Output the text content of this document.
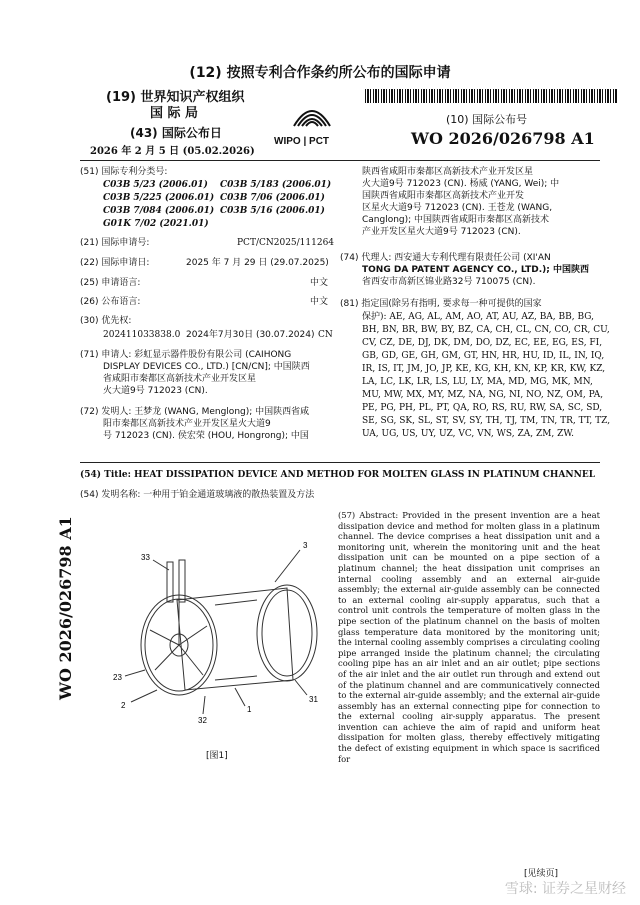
(12) 按照专利合作条约所公布的国际申请
(19) 世界知识产权组织
国 际 局
(43) 国际公布日
2026 年 2 月 5 日 (05.02.2026)
WIPO | PCT
(10) 国际公布号
WO 2026/026798 A1
(51) 国际专利分类号:
C03B 5/23 (2006.01) C03B 5/183 (2006.01)
C03B 5/225 (2006.01) C03B 7/06 (2006.01)
C03B 7/084 (2006.01) C03B 5/16 (2006.01)
G01K 7/02 (2021.01)
(21) 国际申请号:	PCT/CN2025/111264
(22) 国际申请日:	2025 年 7 月 29 日 (29.07.2025)
(25) 申请语言:	中文
(26) 公布语言:	中文
(30) 优先权:
202411033838.0 2024年7月30日 (30.07.2024) CN
(71) 申请人: 彩虹显示器件股份有限公司 (CAIHONG
DISPLAY DEVICES CO., LTD.) [CN/CN]; 中国陕西
省咸阳市秦都区高新技术产业开发区星
火大道9号 712023 (CN).
(72) 发明人: 王梦龙 (WANG, Menglong); 中国陕西省咸
阳市秦都区高新技术产业开发区星火大道9
号 712023 (CN). 侯宏荣 (HOU, Hongrong); 中国
陕西省咸阳市秦都区高新技术产业开发区星
火大道9号 712023 (CN). 杨威 (YANG, Wei); 中
国陕西省咸阳市秦都区高新技术产业开发
区星火大道9号 712023 (CN). 王苍龙 (WANG,
Canglong); 中国陕西省咸阳市秦都区高新技术
产业开发区星火大道9号 712023 (CN).
(74) 代理人: 西安通大专利代理有限责任公司 (XI'AN
TONG DA PATENT AGENCY CO., LTD.); 中国陕西
省西安市高新区锦业路32号 710075 (CN).
(81) 指定国(除另有指明, 要求每一种可提供的国家
保护): AE, AG, AL, AM, AO, AT, AU, AZ, BA, BB, BG,
BH, BN, BR, BW, BY, BZ, CA, CH, CL, CN, CO, CR, CU,
CV, CZ, DE, DJ, DK, DM, DO, DZ, EC, EE, EG, ES, FI,
GB, GD, GE, GH, GM, GT, HN, HR, HU, ID, IL, IN, IQ,
IR, IS, IT, JM, JO, JP, KE, KG, KH, KN, KP, KR, KW, KZ,
LA, LC, LK, LR, LS, LU, LY, MA, MD, MG, MK, MN,
MU, MW, MX, MY, MZ, NA, NG, NI, NO, NZ, OM, PA,
PE, PG, PH, PL, PT, QA, RO, RS, RU, RW, SA, SC, SD,
SE, SG, SK, SL, ST, SV, SY, TH, TJ, TM, TN, TR, TT, TZ,
UA, UG, US, UY, UZ, VC, VN, WS, ZA, ZM, ZW.
(54) Title: HEAT DISSIPATION DEVICE AND METHOD FOR MOLTEN GLASS IN PLATINUM CHANNEL
(54) 发明名称: 一种用于铂金通道玻璃液的散热装置及方法
33
3
23
2
32
1
31
[图1]
(57) Abstract: Provided in the present invention are a heat dissipation device and method for molten glass in a platinum channel. The device comprises a heat dissipation unit and a monitoring unit, wherein the monitoring unit and the heat dissipation unit can be mounted on a pipe section of a platinum channel; the heat dissipation unit comprises an internal cooling assembly and an external air-guide assembly; the external air-guide assembly can be connected to an external cooling air-supply apparatus, such that a control unit controls the temperature of molten glass in the pipe section of the platinum channel on the basis of molten glass temperature data monitored by the monitoring unit; the internal cooling assembly comprises a circulating cooling pipe arranged inside the platinum channel; the circulating cooling pipe has an air inlet and an air outlet; pipe sections of the air inlet and the air outlet run through and extend out of the platinum channel and are communicatively connected to the external air-guide assembly; and the external air-guide assembly has an external connecting pipe for connection to the external cooling air-supply apparatus. The present invention can achieve the aim of rapid and uniform heat dissipation for molten glass, thereby effectively mitigating the defect of existing equipment in which space is sacrificed for
WO 2026/026798 A1
[见续页]
雪球: 证券之星财经
